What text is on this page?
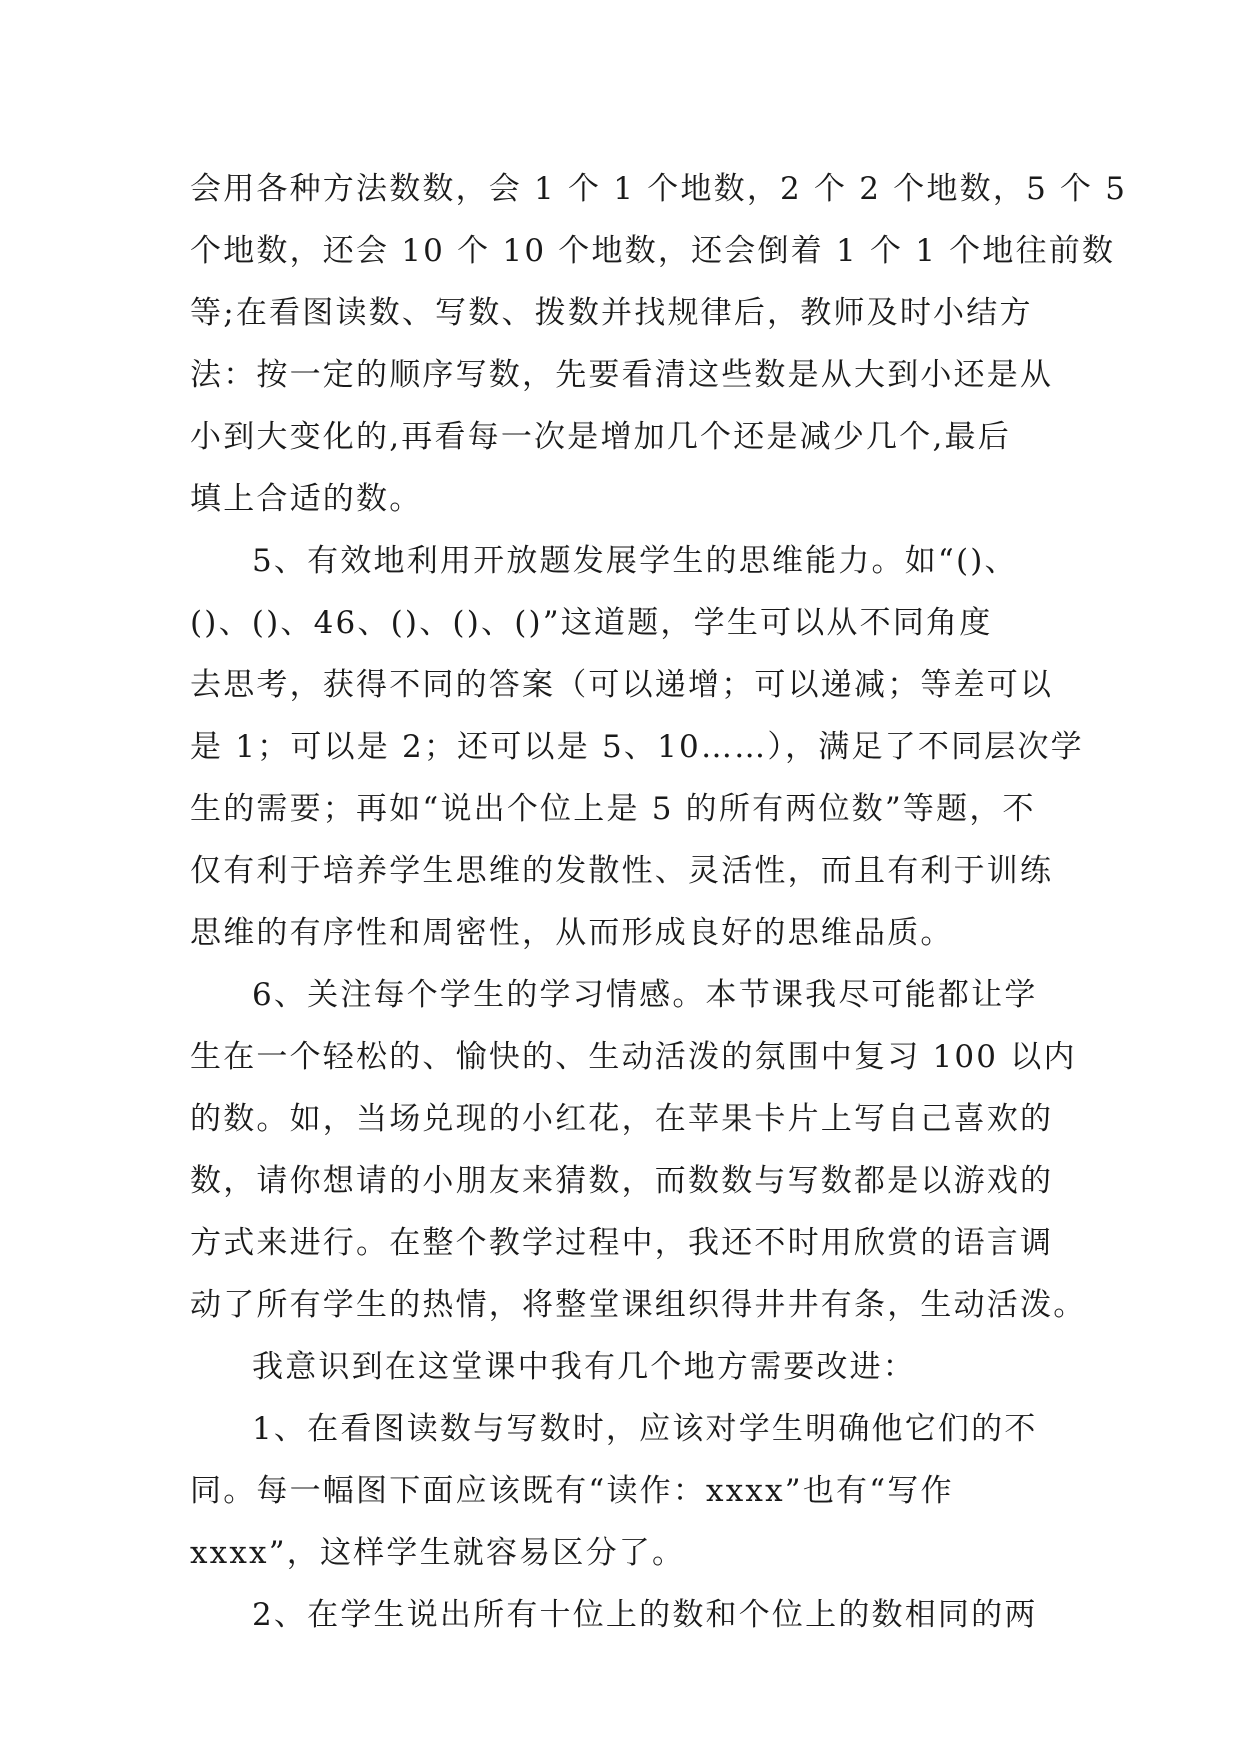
会用各种方法数数，会 1 个 1 个地数，2 个 2 个地数，5 个 5
个地数，还会 10 个 10 个地数，还会倒着 1 个 1 个地往前数
等;在看图读数、写数、拨数并找规律后，教师及时小结方
法：按一定的顺序写数，先要看清这些数是从大到小还是从
小到大变化的,再看每一次是增加几个还是减少几个,最后
填上合适的数。
5、有效地利用开放题发展学生的思维能力。如“()、
()、()、46、()、()、()”这道题，学生可以从不同角度
去思考，获得不同的答案（可以递增；可以递减；等差可以
是 1；可以是 2；还可以是 5、10……），满足了不同层次学
生的需要；再如“说出个位上是 5 的所有两位数”等题，不
仅有利于培养学生思维的发散性、灵活性，而且有利于训练
思维的有序性和周密性，从而形成良好的思维品质。
6、关注每个学生的学习情感。本节课我尽可能都让学
生在一个轻松的、愉快的、生动活泼的氛围中复习 100 以内
的数。如，当场兑现的小红花，在苹果卡片上写自己喜欢的
数，请你想请的小朋友来猜数，而数数与写数都是以游戏的
方式来进行。在整个教学过程中，我还不时用欣赏的语言调
动了所有学生的热情，将整堂课组织得井井有条，生动活泼。
我意识到在这堂课中我有几个地方需要改进：
1、在看图读数与写数时，应该对学生明确他它们的不
同。每一幅图下面应该既有“读作：xxxx”也有“写作
xxxx”，这样学生就容易区分了。
2、在学生说出所有十位上的数和个位上的数相同的两
